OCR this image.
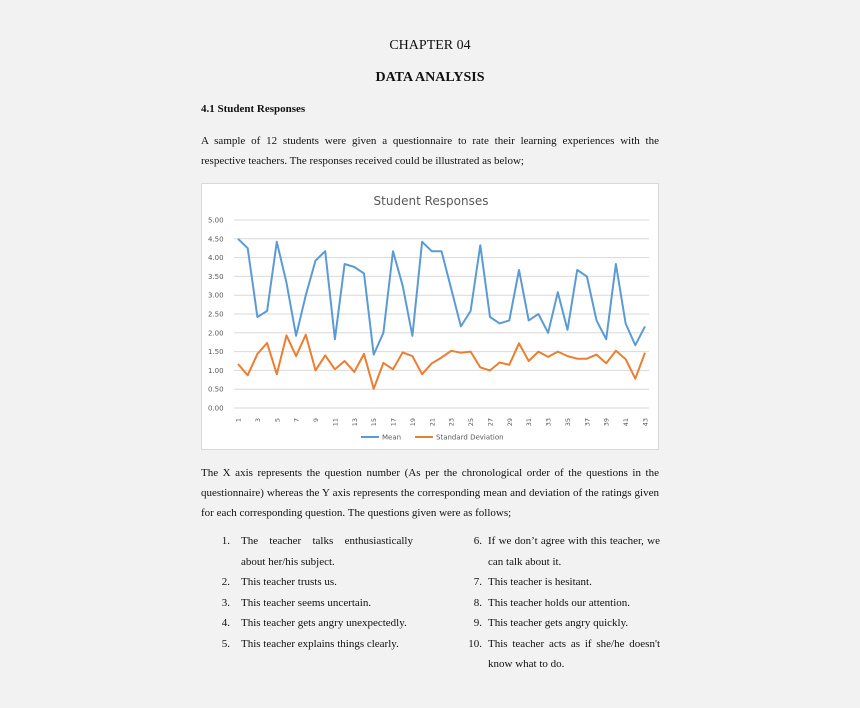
CHAPTER 04
DATA ANALYSIS
4.1 Student Responses
A sample of 12 students were given a questionnaire to rate their learning experiences with the respective teachers. The responses received could be illustrated as below;
Student Responses
0.00
0.50
1.00
1.50
2.00
2.50
3.00
3.50
4.00
4.50
5.00
1 3 5 7 9 11 13 15 17 19 21 23 25 27 29 31 33 35 37 39 41 43
Mean	Standard Deviation
The X axis represents the question number (As per the chronological order of the questions in the questionnaire) whereas the Y axis represents the corresponding mean and deviation of the ratings given for each corresponding question. The questions given were as follows;
1.	The teacher talks enthusiastically about her/his subject.
2.	This teacher trusts us.
3.	This teacher seems uncertain.
4.	This teacher gets angry unexpectedly.
5.	This teacher explains things clearly.
6. If we don’t agree with this teacher, we can talk about it.
7. This teacher is hesitant.
8. This teacher holds our attention.
9. This teacher gets angry quickly.
10. This teacher acts as if she/he doesn't know what to do.
